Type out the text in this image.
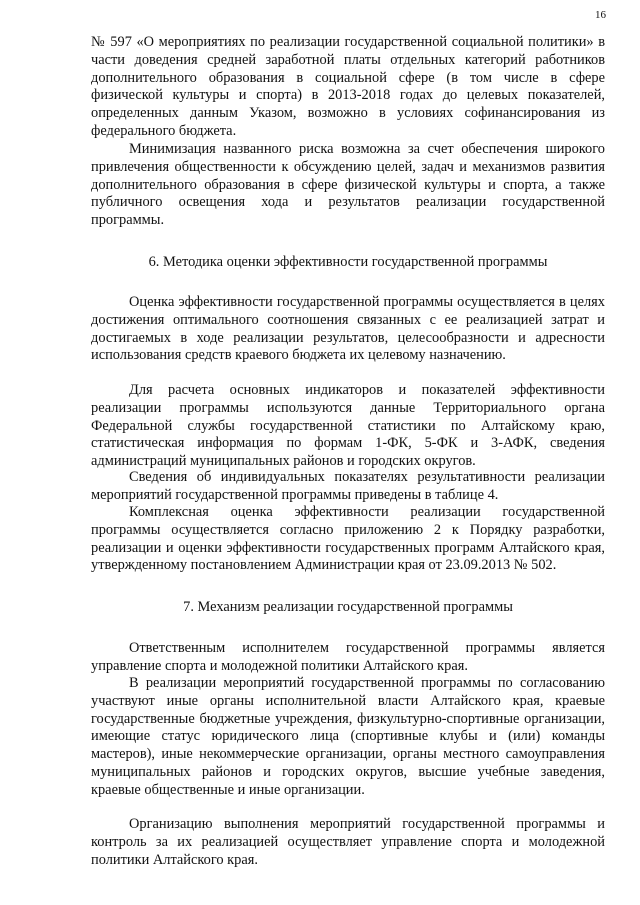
16

№ 597 «О мероприятиях по реализации государственной социальной политики» в части доведения средней заработной платы отдельных категорий работников дополнительного образования в социальной сфере (в том числе в сфере физической культуры и спорта) в 2013-2018 годах до целевых показателей, определенных данным Указом, возможно в условиях софинансирования из федерального бюджета.

Минимизация названного риска возможна за счет обеспечения широкого привлечения общественности к обсуждению целей, задач и механизмов развития дополнительного образования в сфере физической культуры и спорта, а также публичного освещения хода и результатов реализации государственной программы.

6. Методика оценки эффективности государственной программы

Оценка эффективности государственной программы осуществляется в целях достижения оптимального соотношения связанных с ее реализацией затрат и достигаемых в ходе реализации результатов, целесообразности и адресности использования средств краевого бюджета их целевому назначению.

Для расчета основных индикаторов и показателей эффективности реализации программы используются данные Территориального органа Федеральной службы государственной статистики по Алтайскому краю, статистическая информация по формам 1-ФК, 5-ФК и 3-АФК, сведения администраций муниципальных районов и городских округов.

Сведения об индивидуальных показателях результативности реализации мероприятий государственной программы приведены в таблице 4.

Комплексная оценка эффективности реализации государственной программы осуществляется согласно приложению 2 к Порядку разработки, реализации и оценки эффективности государственных программ Алтайского края, утвержденному постановлением Администрации края от 23.09.2013 № 502.

7. Механизм реализации государственной программы

Ответственным исполнителем государственной программы является управление спорта и молодежной политики Алтайского края.

В реализации мероприятий государственной программы по согласованию участвуют иные органы исполнительной власти Алтайского края, краевые государственные бюджетные учреждения, физкультурно-спортивные организации, имеющие статус юридического лица (спортивные клубы и (или) команды мастеров), иные некоммерческие организации, органы местного самоуправления муниципальных районов и городских округов, высшие учебные заведения, краевые общественные и иные организации.

Организацию выполнения мероприятий государственной программы и контроль за их реализацией осуществляет управление спорта и молодежной политики Алтайского края.
